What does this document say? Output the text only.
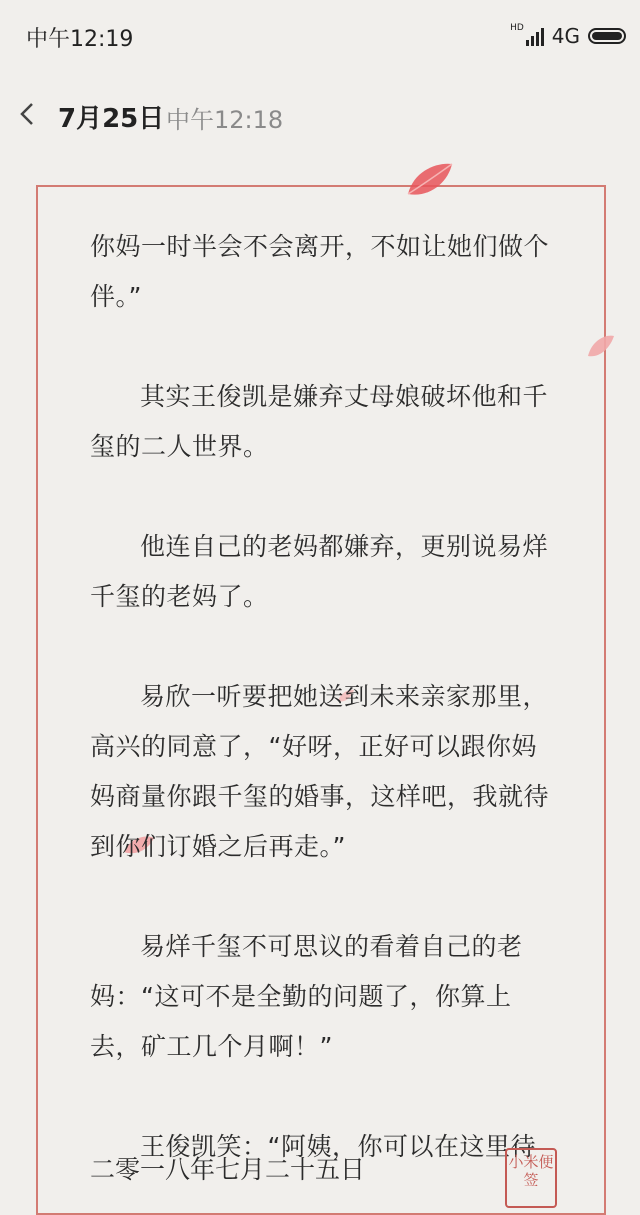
中午12:19	HD 4G
7月25日 中午12:18

你妈一时半会不会离开，不如让她们做个伴。”

其实王俊凯是嫌弃丈母娘破坏他和千玺的二人世界。

他连自己的老妈都嫌弃，更别说易烊千玺的老妈了。

易欣一听要把她送到未来亲家那里，高兴的同意了，“好呀，正好可以跟你妈妈商量你跟千玺的婚事，这样吧，我就待到你们订婚之后再走。”

易烊千玺不可思议的看着自己的老妈：“这可不是全勤的问题了，你算上去，矿工几个月啊！”

王俊凯笑：“阿姨，你可以在这里待

二零一八年七月二十五日	小米便签
